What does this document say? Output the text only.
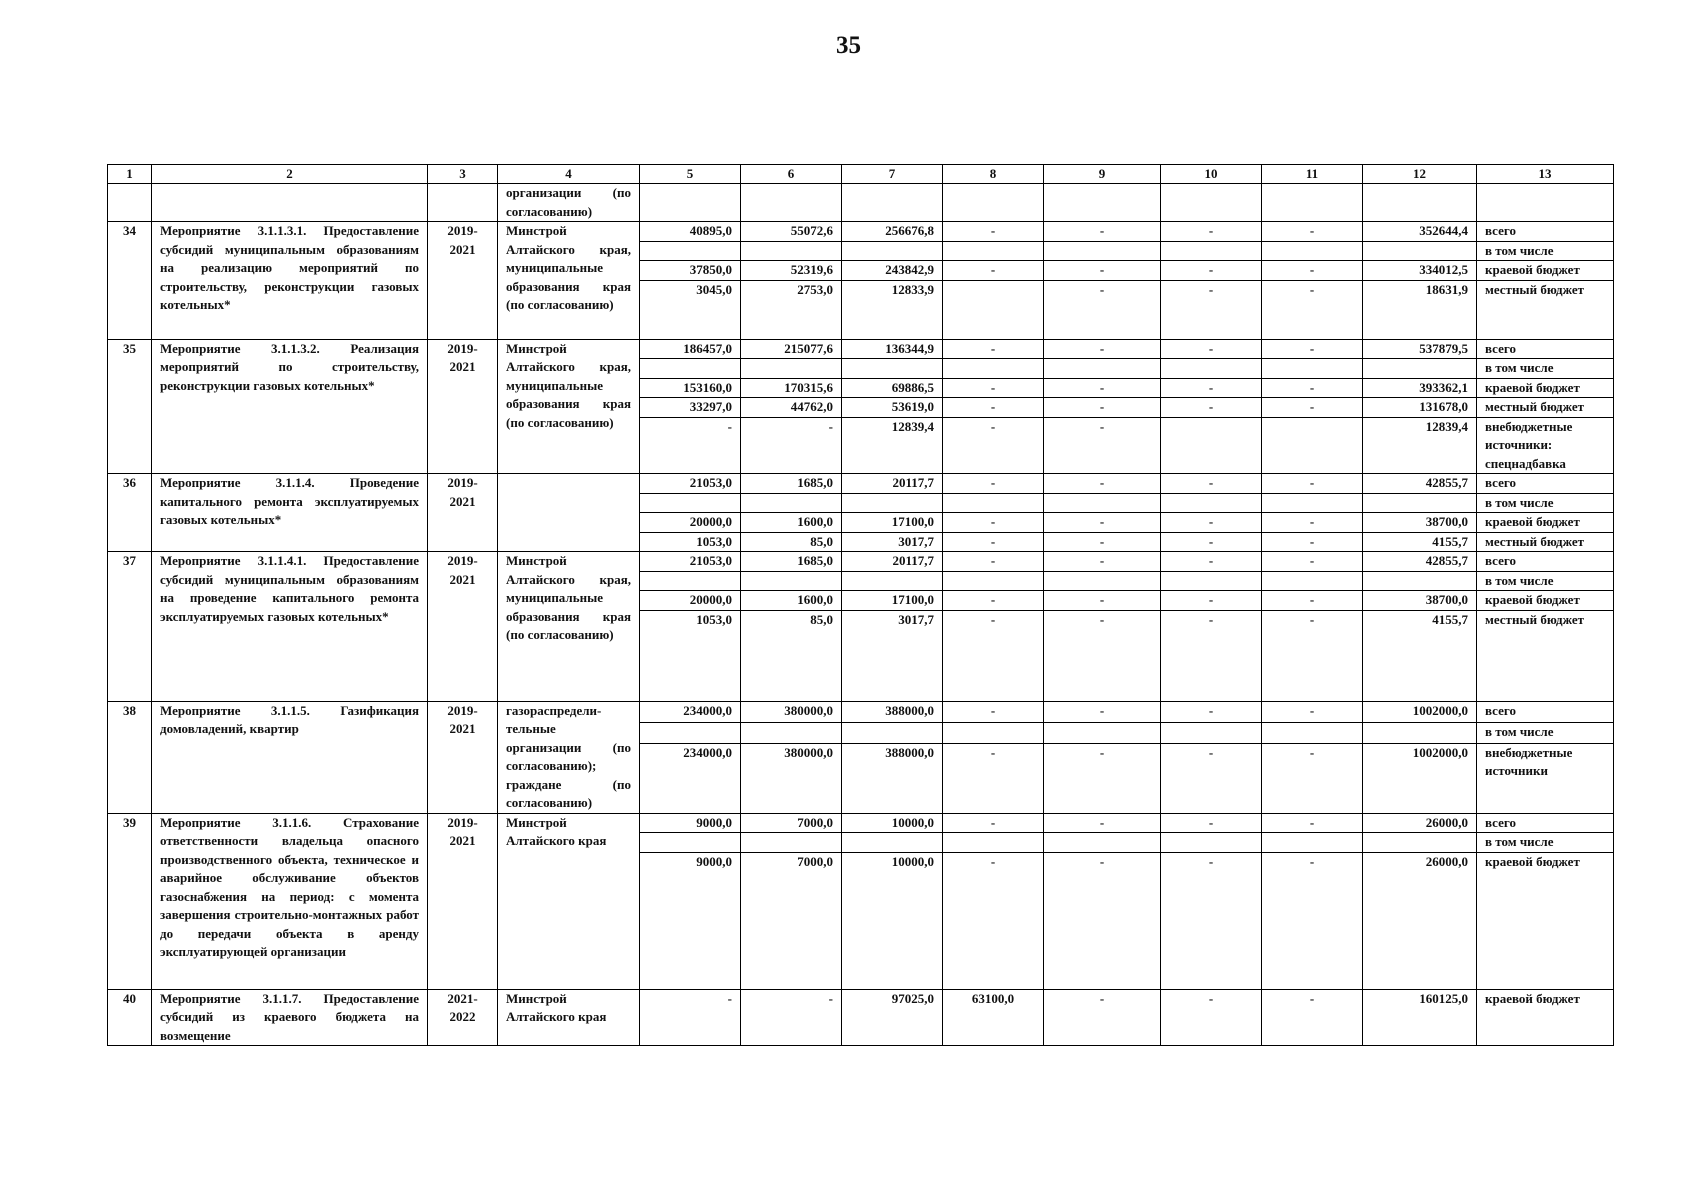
35
1	2	3	4	5	6	7	8	9	10	11	12	13
			организации (по согласованию)									
34	Мероприятие 3.1.1.3.1. Предоставление субсидий муниципальным образованиям на реализацию мероприятий по строительству, реконструкции газовых котельных*	2019-2021	Минстрой Алтайского края, муниципальные образования края (по согласованию)	40895,0	55072,6	256676,8	-	-	-	-	352644,4	всего
												в том числе
				37850,0	52319,6	243842,9	-	-	-	-	334012,5	краевой бюджет
				3045,0	2753,0	12833,9		-	-	-	18631,9	местный бюджет
35	Мероприятие 3.1.1.3.2. Реализация мероприятий по строительству, реконструкции газовых котельных*	2019-2021	Минстрой Алтайского края, муниципальные образования края (по согласованию)	186457,0	215077,6	136344,9	-	-	-	-	537879,5	всего
												в том числе
				153160,0	170315,6	69886,5	-	-	-	-	393362,1	краевой бюджет
				33297,0	44762,0	53619,0	-	-	-	-	131678,0	местный бюджет
				-	-	12839,4	-	-			12839,4	внебюджетные источники: спецнадбавка
36	Мероприятие 3.1.1.4. Проведение капитального ремонта эксплуатируемых газовых котельных*	2019-2021		21053,0	1685,0	20117,7	-	-	-	-	42855,7	всего
												в том числе
				20000,0	1600,0	17100,0	-	-	-	-	38700,0	краевой бюджет
				1053,0	85,0	3017,7	-	-	-	-	4155,7	местный бюджет
37	Мероприятие 3.1.1.4.1. Предоставление субсидий муниципальным образованиям на проведение капитального ремонта эксплуатируемых газовых котельных*	2019-2021	Минстрой Алтайского края, муниципальные образования края (по согласованию)	21053,0	1685,0	20117,7	-	-	-	-	42855,7	всего
												в том числе
				20000,0	1600,0	17100,0	-	-	-	-	38700,0	краевой бюджет
				1053,0	85,0	3017,7	-	-	-	-	4155,7	местный бюджет
38	Мероприятие 3.1.1.5. Газификация домовладений, квартир	2019-2021	газораспредели-тельные организации (по согласованию); граждане (по согласованию)	234000,0	380000,0	388000,0	-	-	-	-	1002000,0	всего
												в том числе
				234000,0	380000,0	388000,0	-	-	-	-	1002000,0	внебюджетные источники
39	Мероприятие 3.1.1.6. Страхование ответственности владельца опасного производственного объекта, техническое и аварийное обслуживание объектов газоснабжения на период: с момента завершения строительно-монтажных работ до передачи объекта в аренду эксплуатирующей организации	2019-2021	Минстрой Алтайского края	9000,0	7000,0	10000,0	-	-	-	-	26000,0	всего
												в том числе
				9000,0	7000,0	10000,0	-	-	-	-	26000,0	краевой бюджет
40	Мероприятие 3.1.1.7. Предоставление субсидий из краевого бюджета на возмещение	2021-2022	Минстрой Алтайского края	-	-	97025,0	63100,0	-	-	-	160125,0	краевой бюджет
